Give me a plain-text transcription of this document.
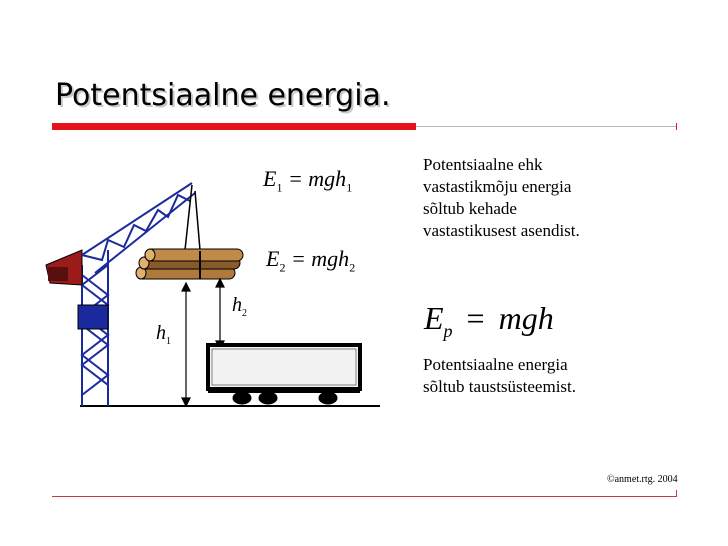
Potentsiaalne energia.
Potentsiaalne ehk
vastastikmõju energia
sõltub kehade
vastastikusest asendist.
$E_p$ = mgh
Potentsiaalne energia
sõltub taustsüsteemist.
©anmet.rtg. 2004
$E_1 = mgh_1$
$E_2 = mgh_2$
$h_1$
$h_2$
